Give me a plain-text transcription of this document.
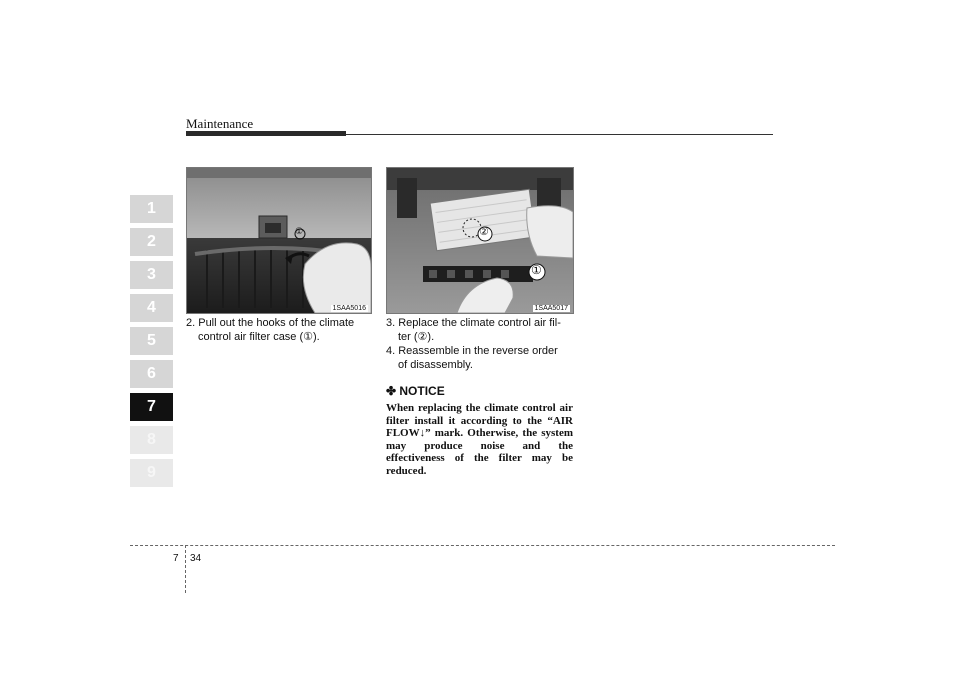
Maintenance
1
2
3
4
5
6
7
8
9
1SAA5016
①
1SAA5017
②
①
2. Pull out the hooks of the climate
control air filter case (①).
3. Replace the climate control air fil-
ter (②).
4. Reassemble in the reverse order
of disassembly.
✤ NOTICE
When replacing the climate control air filter install it according to the “AIR FLOW↓” mark. Otherwise, the system may produce noise and the effectiveness of the filter may be reduced.
7 34
